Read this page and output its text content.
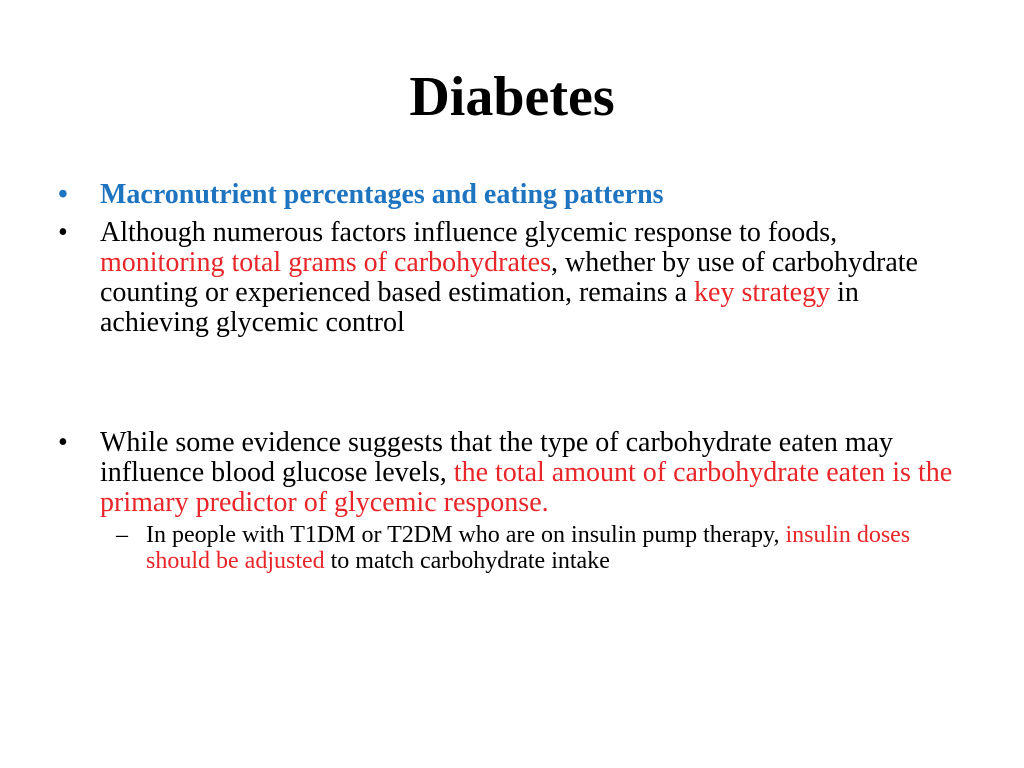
Diabetes

•	Macronutrient percentages and eating patterns

•	Although numerous factors influence glycemic response to foods, monitoring total grams of carbohydrates, whether by use of carbohydrate counting or experienced based estimation, remains a key strategy in achieving glycemic control

•	While some evidence suggests that the type of carbohydrate eaten may influence blood glucose levels, the total amount of carbohydrate eaten is the primary predictor of glycemic response.

– In people with T1DM or T2DM who are on insulin pump therapy, insulin doses should be adjusted to match carbohydrate intake
